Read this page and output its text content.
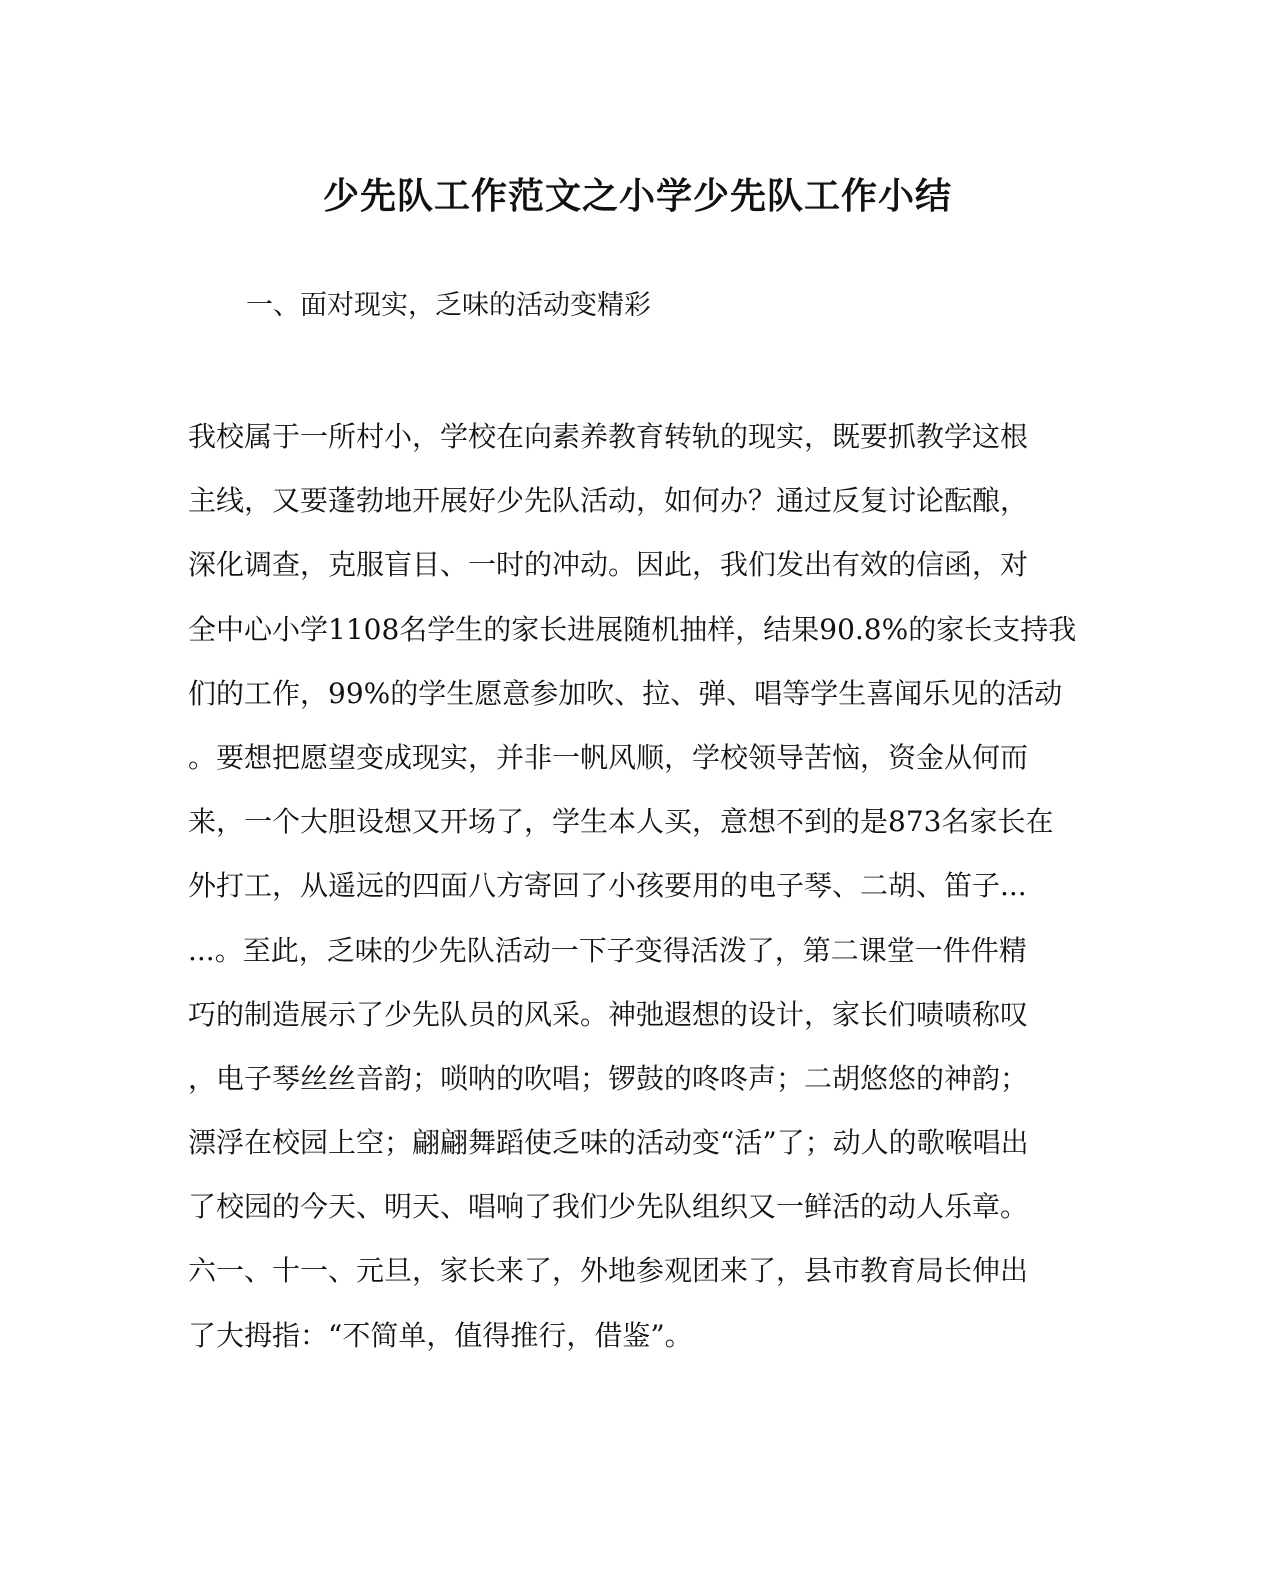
少先队工作范文之小学少先队工作小结

一、面对现实，乏味的活动变精彩

我校属于一所村小，学校在向素养教育转轨的现实，既要抓教学这根
主线，又要蓬勃地开展好少先队活动，如何办？通过反复讨论酝酿，
深化调查，克服盲目、一时的冲动。因此，我们发出有效的信函，对
全中心小学1108名学生的家长进展随机抽样，结果90.8%的家长支持我
们的工作，99%的学生愿意参加吹、拉、弹、唱等学生喜闻乐见的活动
。要想把愿望变成现实，并非一帆风顺，学校领导苦恼，资金从何而
来，一个大胆设想又开场了，学生本人买，意想不到的是873名家长在
外打工，从遥远的四面八方寄回了小孩要用的电子琴、二胡、笛子...
...。至此，乏味的少先队活动一下子变得活泼了，第二课堂一件件精
巧的制造展示了少先队员的风采。神弛遐想的设计，家长们啧啧称叹
，电子琴丝丝音韵；唢呐的吹唱；锣鼓的咚咚声；二胡悠悠的神韵；
漂浮在校园上空；翩翩舞蹈使乏味的活动变“活”了；动人的歌喉唱出
了校园的今天、明天、唱响了我们少先队组织又一鲜活的动人乐章。
六一、十一、元旦，家长来了，外地参观团来了，县市教育局长伸出
了大拇指：“不简单，值得推行，借鉴”。
